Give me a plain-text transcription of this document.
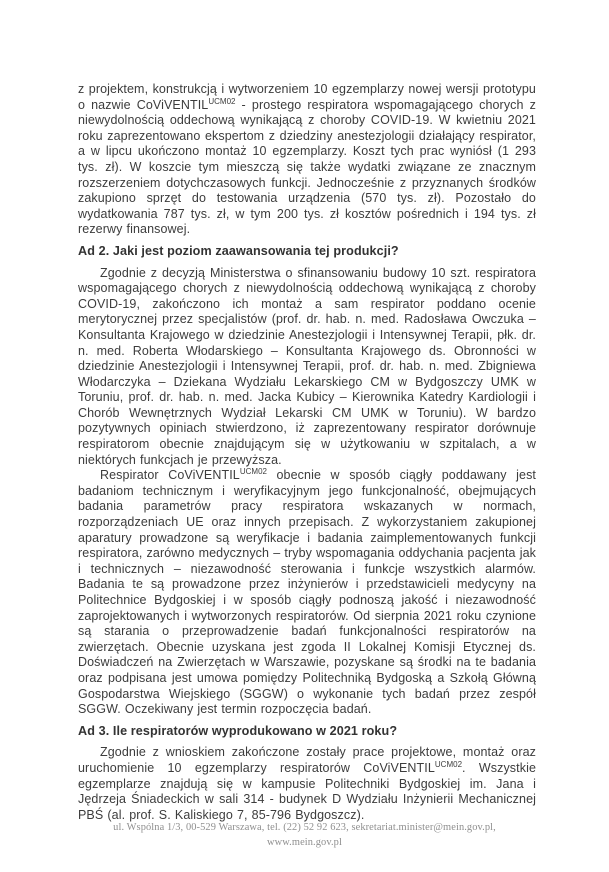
z projektem, konstrukcją i wytworzeniem 10 egzemplarzy nowej wersji prototypu o nazwie CoViVENTIL$^{UCM02}$ - prostego respiratora wspomagającego chorych z niewydolnością oddechową wynikającą z choroby COVID-19. W kwietniu 2021 roku zaprezentowano ekspertom z dziedziny anestezjologii działający respirator, a w lipcu ukończono montaż 10 egzemplarzy. Koszt tych prac wyniósł (1 293 tys. zł). W koszcie tym mieszczą się także wydatki związane ze znacznym rozszerzeniem dotychczasowych funkcji. Jednocześnie z przyznanych środków zakupiono sprzęt do testowania urządzenia (570 tys. zł). Pozostało do wydatkowania 787 tys. zł, w tym 200 tys. zł kosztów pośrednich i 194 tys. zł rezerwy finansowej.

Ad 2. Jaki jest poziom zaawansowania tej produkcji?

Zgodnie z decyzją Ministerstwa o sfinansowaniu budowy 10 szt. respiratora wspomagającego chorych z niewydolnością oddechową wynikającą z choroby COVID-19, zakończono ich montaż a sam respirator poddano ocenie merytorycznej przez specjalistów (prof. dr. hab. n. med. Radosława Owczuka – Konsultanta Krajowego w dziedzinie Anestezjologii i Intensywnej Terapii, płk. dr. n. med. Roberta Włodarskiego – Konsultanta Krajowego ds. Obronności w dziedzinie Anestezjologii i Intensywnej Terapii, prof. dr. hab. n. med. Zbigniewa Włodarczyka – Dziekana Wydziału Lekarskiego CM w Bydgoszczy UMK w Toruniu, prof. dr. hab. n. med. Jacka Kubicy – Kierownika Katedry Kardiologii i Chorób Wewnętrznych Wydział Lekarski CM UMK w Toruniu). W bardzo pozytywnych opiniach stwierdzono, iż zaprezentowany respirator dorównuje respiratorom obecnie znajdującym się w użytkowaniu w szpitalach, a w niektórych funkcjach je przewyższa.

Respirator CoViVENTIL$^{UCM02}$ obecnie w sposób ciągły poddawany jest badaniom technicznym i weryfikacyjnym jego funkcjonalność, obejmujących badania parametrów pracy respiratora wskazanych w normach, rozporządzeniach UE oraz innych przepisach. Z wykorzystaniem zakupionej aparatury prowadzone są weryfikacje i badania zaimplementowanych funkcji respiratora, zarówno medycznych – tryby wspomagania oddychania pacjenta jak i technicznych – niezawodność sterowania i funkcje wszystkich alarmów. Badania te są prowadzone przez inżynierów i przedstawicieli medycyny na Politechnice Bydgoskiej i w sposób ciągły podnoszą jakość i niezawodność zaprojektowanych i wytworzonych respiratorów. Od sierpnia 2021 roku czynione są starania o przeprowadzenie badań funkcjonalności respiratorów na zwierzętach. Obecnie uzyskana jest zgoda II Lokalnej Komisji Etycznej ds. Doświadczeń na Zwierzętach w Warszawie, pozyskane są środki na te badania oraz podpisana jest umowa pomiędzy Politechniką Bydgoską a Szkołą Główną Gospodarstwa Wiejskiego (SGGW) o wykonanie tych badań przez zespół SGGW. Oczekiwany jest termin rozpoczęcia badań.

Ad 3. Ile respiratorów wyprodukowano w 2021 roku?

Zgodnie z wnioskiem zakończone zostały prace projektowe, montaż oraz uruchomienie 10 egzemplarzy respiratorów CoViVENTIL$^{UCM02}$. Wszystkie egzemplarze znajdują się w kampusie Politechniki Bydgoskiej im. Jana i Jędrzeja Śniadeckich w sali 314 - budynek D Wydziału Inżynierii Mechanicznej PBŚ (al. prof. S. Kaliskiego 7, 85-796 Bydgoszcz).

ul. Wspólna 1/3, 00-529 Warszawa, tel. (22) 52 92 623, sekretariat.minister@mein.gov.pl,

www.mein.gov.pl
